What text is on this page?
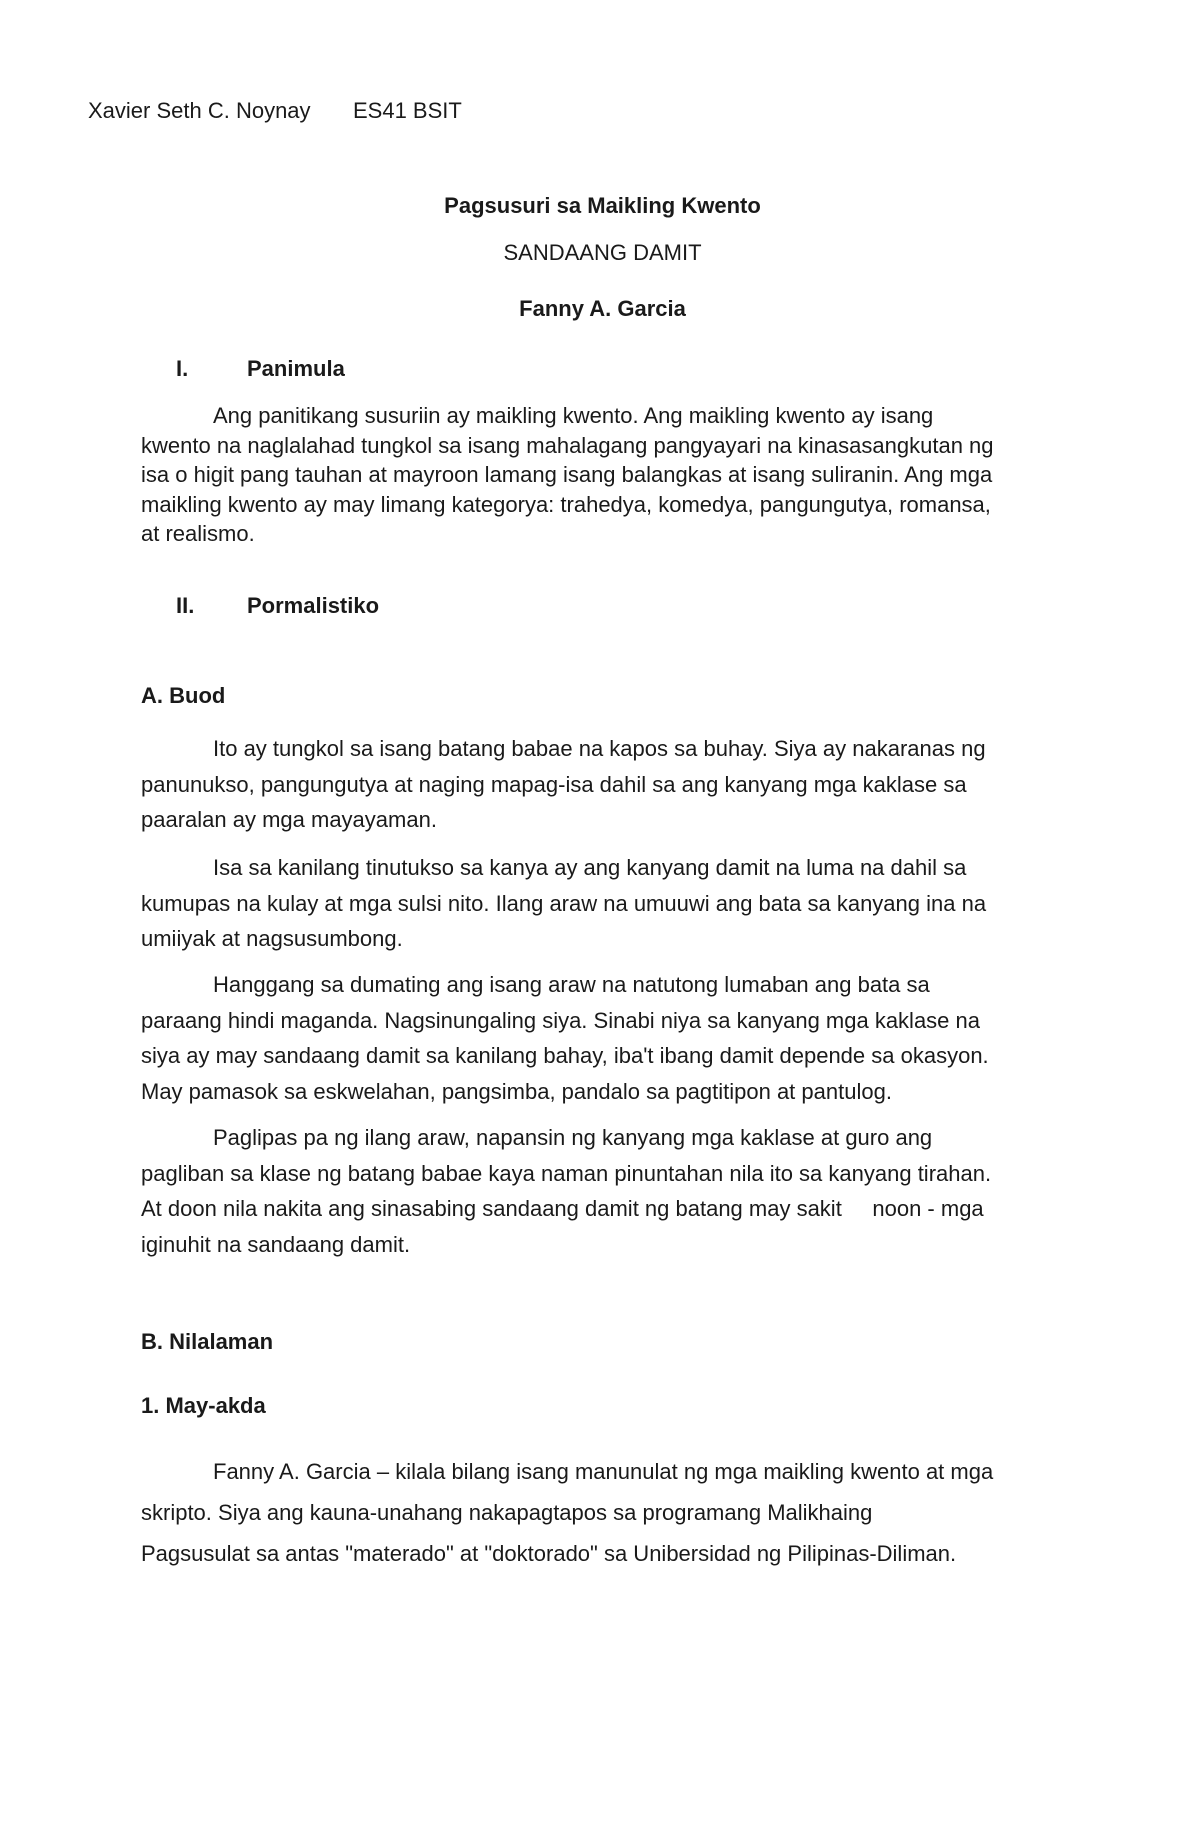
Xavier Seth C. Noynay ES41 BSIT
Pagsusuri sa Maikling Kwento
SANDAANG DAMIT
Fanny A. Garcia
I.	Panimula
Ang panitikang susuriin ay maikling kwento. Ang maikling kwento ay isang
kwento na naglalahad tungkol sa isang mahalagang pangyayari na kinasasangkutan ng
isa o higit pang tauhan at mayroon lamang isang balangkas at isang suliranin. Ang mga
maikling kwento ay may limang kategorya: trahedya, komedya, pangungutya, romansa,
at realismo.
II. Pormalistiko
A. Buod
Ito ay tungkol sa isang batang babae na kapos sa buhay. Siya ay nakaranas ng
panunukso, pangungutya at naging mapag-isa dahil sa ang kanyang mga kaklase sa
paaralan ay mga mayayaman.
Isa sa kanilang tinutukso sa kanya ay ang kanyang damit na luma na dahil sa
kumupas na kulay at mga sulsi nito. Ilang araw na umuuwi ang bata sa kanyang ina na
umiiyak at nagsusumbong.
Hanggang sa dumating ang isang araw na natutong lumaban ang bata sa
paraang hindi maganda. Nagsinungaling siya. Sinabi niya sa kanyang mga kaklase na
siya ay may sandaang damit sa kanilang bahay, iba't ibang damit depende sa okasyon.
May pamasok sa eskwelahan, pangsimba, pandalo sa pagtitipon at pantulog.
Paglipas pa ng ilang araw, napansin ng kanyang mga kaklase at guro ang
pagliban sa klase ng batang babae kaya naman pinuntahan nila ito sa kanyang tirahan.
At doon nila nakita ang sinasabing sandaang damit ng batang may sakit     noon - mga
iginuhit na sandaang damit.
B. Nilalaman
1. May-akda
Fanny A. Garcia – kilala bilang isang manunulat ng mga maikling kwento at mga
skripto. Siya ang kauna-unahang nakapagtapos sa programang Malikhaing
Pagsusulat sa antas "materado" at "doktorado" sa Unibersidad ng Pilipinas-Diliman.
